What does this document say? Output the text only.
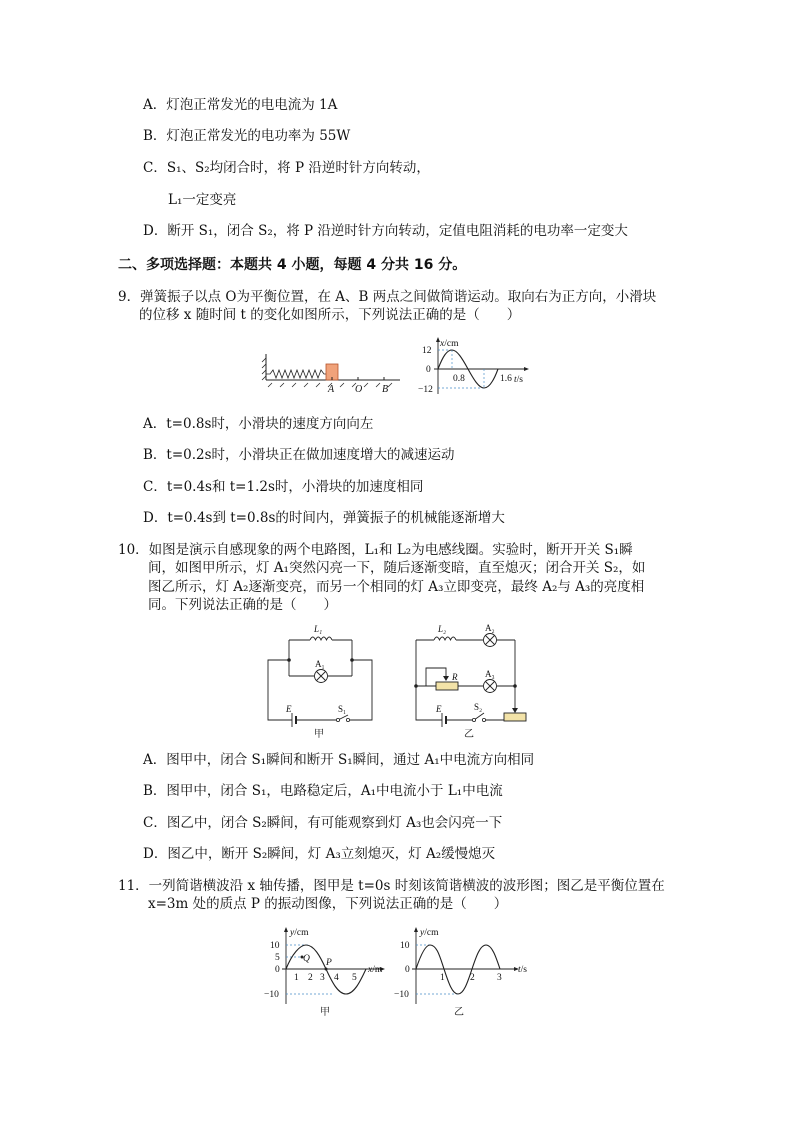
A．灯泡正常发光的电电流为 1A
B．灯泡正常发光的电功率为 55W
C．S₁、S₂均闭合时，将 P 沿逆时针方向转动，
L₁一定变亮
D．断开 S₁，闭合 S₂，将 P 沿逆时针方向转动，定值电阻消耗的电功率一定变大
二、多项选择题：本题共 4 小题，每题 4 分共 16 分。
9．弹簧振子以点 O为平衡位置，在 A、B 两点之间做简谐运动。取向右为正方向，小滑块
的位移 x 随时间 t 的变化如图所示，下列说法正确的是（　　）
A O B
x/cm
t/s
12
0
−12
0.8	1.6
A．t=0.8s时，小滑块的速度方向向左
B．t=0.2s时，小滑块正在做加速度增大的减速运动
C．t=0.4s和 t=1.2s时，小滑块的加速度相同
D．t=0.4s到 t=0.8s的时间内，弹簧振子的机械能逐渐增大
10．如图是演示自感现象的两个电路图，L₁和 L₂为电感线圈。实验时，断开开关 S₁瞬
间，如图甲所示，灯 A₁突然闪亮一下，随后逐渐变暗，直至熄灭；闭合开关 S₂，如
图乙所示，灯 A₂逐渐变亮，而另一个相同的灯 A₃立即变亮，最终 A₂与 A₃的亮度相
同。下列说法正确的是（　　）
L₁
A₁
E	S₁
甲
L₂	A₂
A₃
R
E	S₂
乙
A．图甲中，闭合 S₁瞬间和断开 S₁瞬间，通过 A₁中电流方向相同
B．图甲中，闭合 S₁，电路稳定后，A₁中电流小于 L₁中电流
C．图乙中，闭合 S₂瞬间，有可能观察到灯 A₃也会闪亮一下
D．图乙中，断开 S₂瞬间，灯 A₃立刻熄灭，灯 A₂缓慢熄灭
11．一列简谐横波沿 x 轴传播，图甲是 t=0s 时刻该简谐横波的波形图；图乙是平衡位置在
x=3m 处的质点 P 的振动图像，下列说法正确的是（　　）
y/cm
x/m
Q P
10
5
0
−10
1 2 3 4 5
甲
y/cm
t/s
10
0
−10
1	2 3
乙
